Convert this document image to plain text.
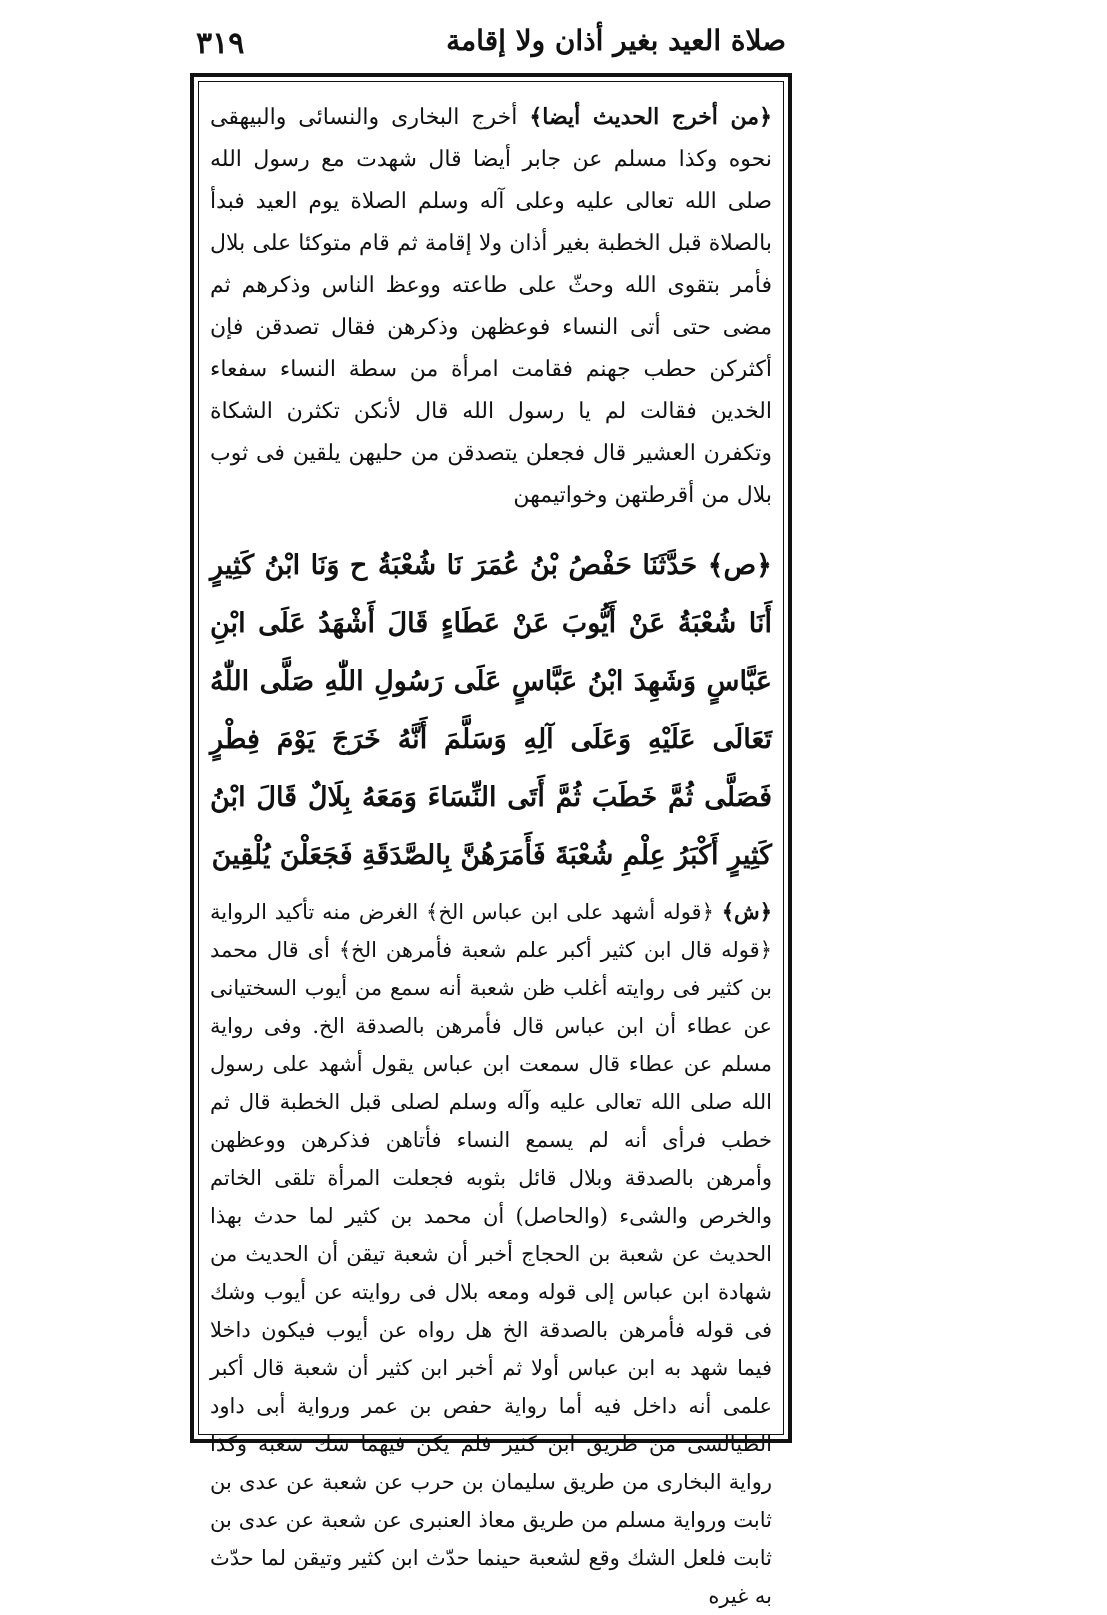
صلاة العيد بغير أذان ولا إقامة
٣١٩

﴿من أخرج الحديث أيضا﴾ أخرج البخارى والنسائى والبيهقى نحوه وكذا مسلم عن جابر أيضا قال شهدت مع رسول الله صلى الله تعالى عليه وعلى آله وسلم الصلاة يوم العيد فبدأ بالصلاة قبل الخطبة بغير أذان ولا إقامة ثم قام متوكئا على بلال فأمر بتقوى الله وحثّ على طاعته ووعظ الناس وذكرهم ثم مضى حتى أتى النساء فوعظهن وذكرهن فقال تصدقن فإن أكثركن حطب جهنم فقامت امرأة من سطة النساء سفعاء الخدين فقالت لم يا رسول الله قال لأنكن تكثرن الشكاة وتكفرن العشير قال فجعلن يتصدقن من حليهن يلقين فى ثوب بلال من أقرطتهن وخواتيمهن

﴿ص﴾ حَدَّثَنَا حَفْصُ بْنُ عُمَرَ نَا شُعْبَةُ ح وَنَا ابْنُ كَثِيرٍ أَنَا شُعْبَةُ عَنْ أَيُّوبَ عَنْ عَطَاءٍ قَالَ أَشْهَدُ عَلَى ابْنِ عَبَّاسٍ وَشَهِدَ ابْنُ عَبَّاسٍ عَلَى رَسُولِ اللّٰهِ صَلَّى اللّٰهُ تَعَالَى عَلَيْهِ وَعَلَى آلِهِ وَسَلَّمَ أَنَّهُ خَرَجَ يَوْمَ فِطْرٍ فَصَلَّى ثُمَّ خَطَبَ ثُمَّ أَتَى النِّسَاءَ وَمَعَهُ بِلَالٌ قَالَ ابْنُ كَثِيرٍ أَكْبَرُ عِلْمِ شُعْبَةَ فَأَمَرَهُنَّ بِالصَّدَقَةِ فَجَعَلْنَ يُلْقِينَ

﴿ش﴾ ﴿قوله أشهد على ابن عباس الخ﴾ الغرض منه تأكيد الرواية ﴿قوله قال ابن كثير أكبر علم شعبة فأمرهن الخ﴾ أى قال محمد بن كثير فى روايته أغلب ظن شعبة أنه سمع من أيوب السختيانى عن عطاء أن ابن عباس قال فأمرهن بالصدقة الخ. وفى رواية مسلم عن عطاء قال سمعت ابن عباس يقول أشهد على رسول الله صلى الله تعالى عليه وآله وسلم لصلى قبل الخطبة قال ثم خطب فرأى أنه لم يسمع النساء فأتاهن فذكرهن ووعظهن وأمرهن بالصدقة وبلال قائل بثوبه فجعلت المرأة تلقى الخاتم والخرص والشىء (والحاصل) أن محمد بن كثير لما حدث بهذا الحديث عن شعبة بن الحجاج أخبر أن شعبة تيقن أن الحديث من شهادة ابن عباس إلى قوله ومعه بلال فى روايته عن أيوب وشك فى قوله فأمرهن بالصدقة الخ هل رواه عن أيوب فيكون داخلا فيما شهد به ابن عباس أولا ثم أخبر ابن كثير أن شعبة قال أكبر علمى أنه داخل فيه أما رواية حفص بن عمر ورواية أبى داود الطيالسى من طريق ابن كثير فلم يكن فيهما شك شعبة وكذا رواية البخارى من طريق سليمان بن حرب عن شعبة عن عدى بن ثابت ورواية مسلم من طريق معاذ العنبرى عن شعبة عن عدى بن ثابت فلعل الشك وقع لشعبة حينما حدّث ابن كثير وتيقن لما حدّث به غيره
